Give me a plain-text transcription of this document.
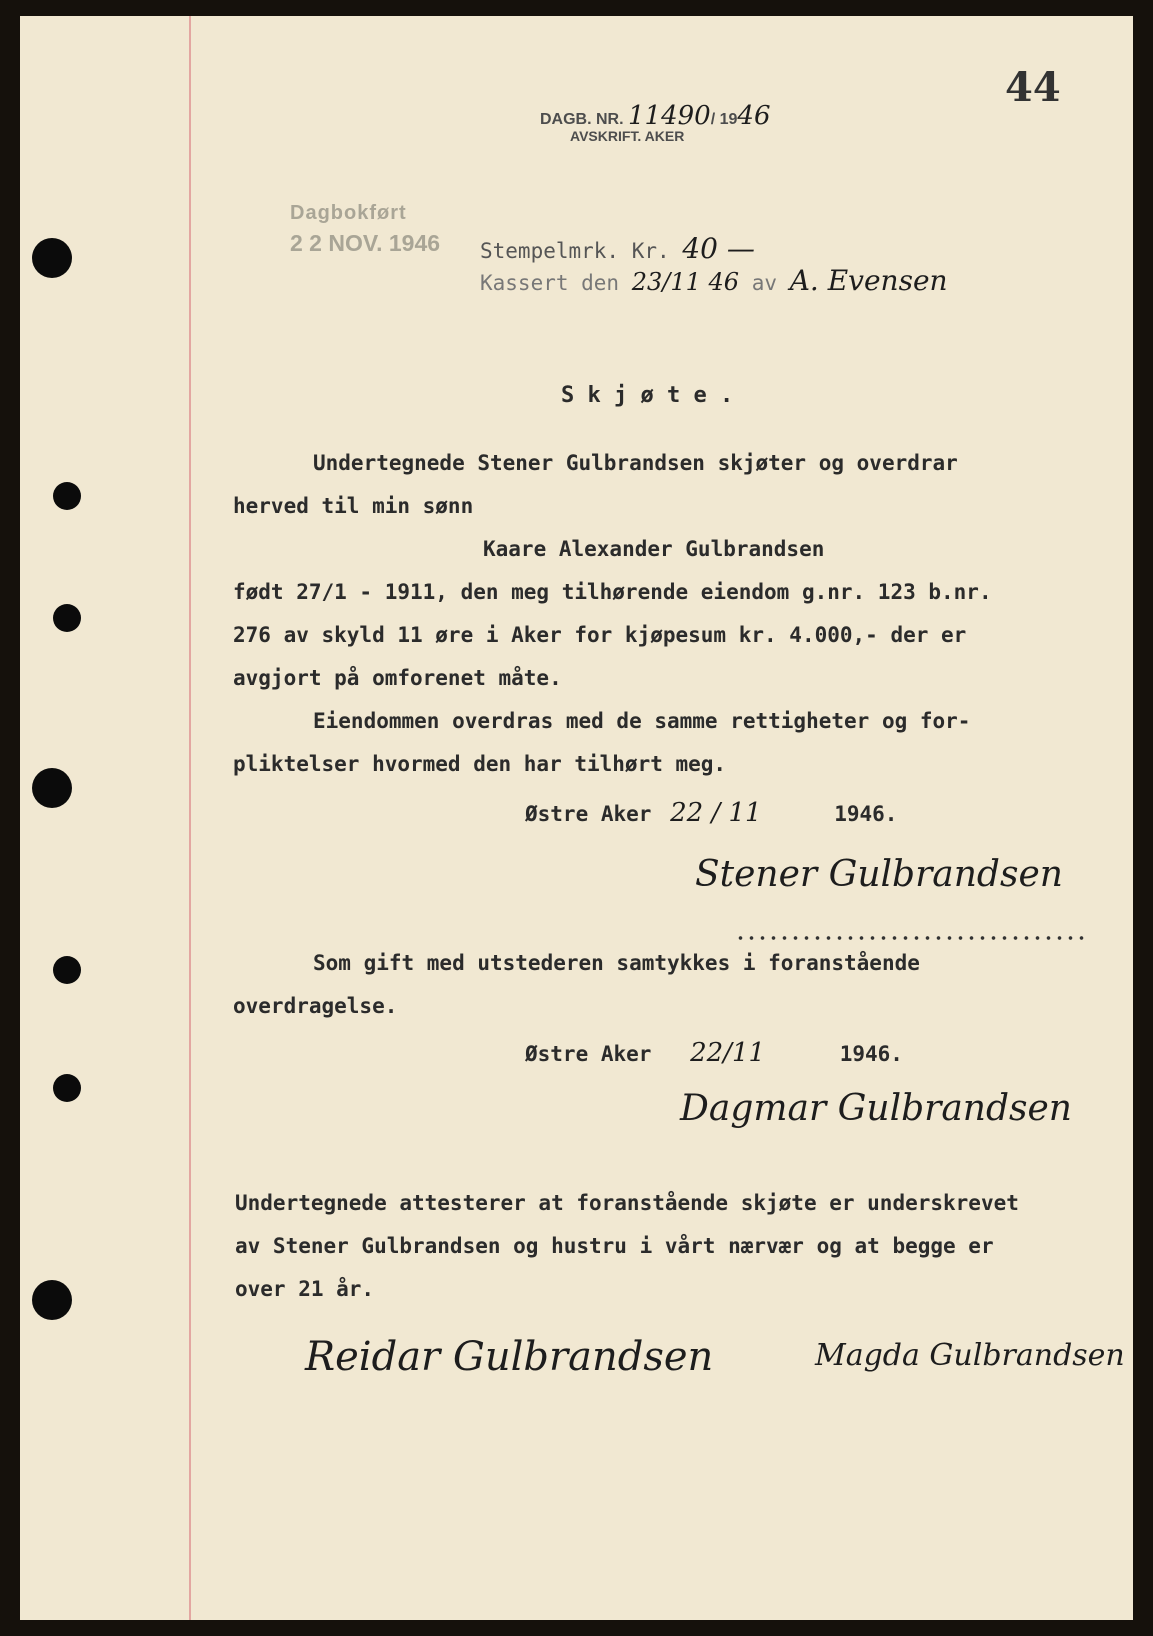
DAGB. NR. 11490/ 1946
AVSKRIFT. AKER
44
Dagbokført
2 2 NOV. 1946 Stempelmrk. Kr. 40 —
Kassert den 23/11 46 av A. Evensen
S k j ø t e .
Undertegnede Stener Gulbrandsen skjøter og overdrar
herved til min sønn
Kaare Alexander Gulbrandsen
født 27/1 - 1911, den meg tilhørende eiendom g.nr. 123 b.nr.
276 av skyld 11 øre i Aker for kjøpesum kr. 4.000,- der er
avgjort på omforenet måte.
Eiendommen overdras med de samme rettigheter og for-
pliktelser hvormed den har tilhørt meg.
Østre Aker 22 / 11	1946.
Stener Gulbrandsen
Som gift med utstederen samtykkes i foranstående
overdragelse.
Østre Aker 22/11	1946.
Dagmar Gulbrandsen
Undertegnede attesterer at foranstående skjøte er underskrevet
av Stener Gulbrandsen og hustru i vårt nærvær og at begge er
over 21 år.
Reidar Gulbrandsen	Magda Gulbrandsen
